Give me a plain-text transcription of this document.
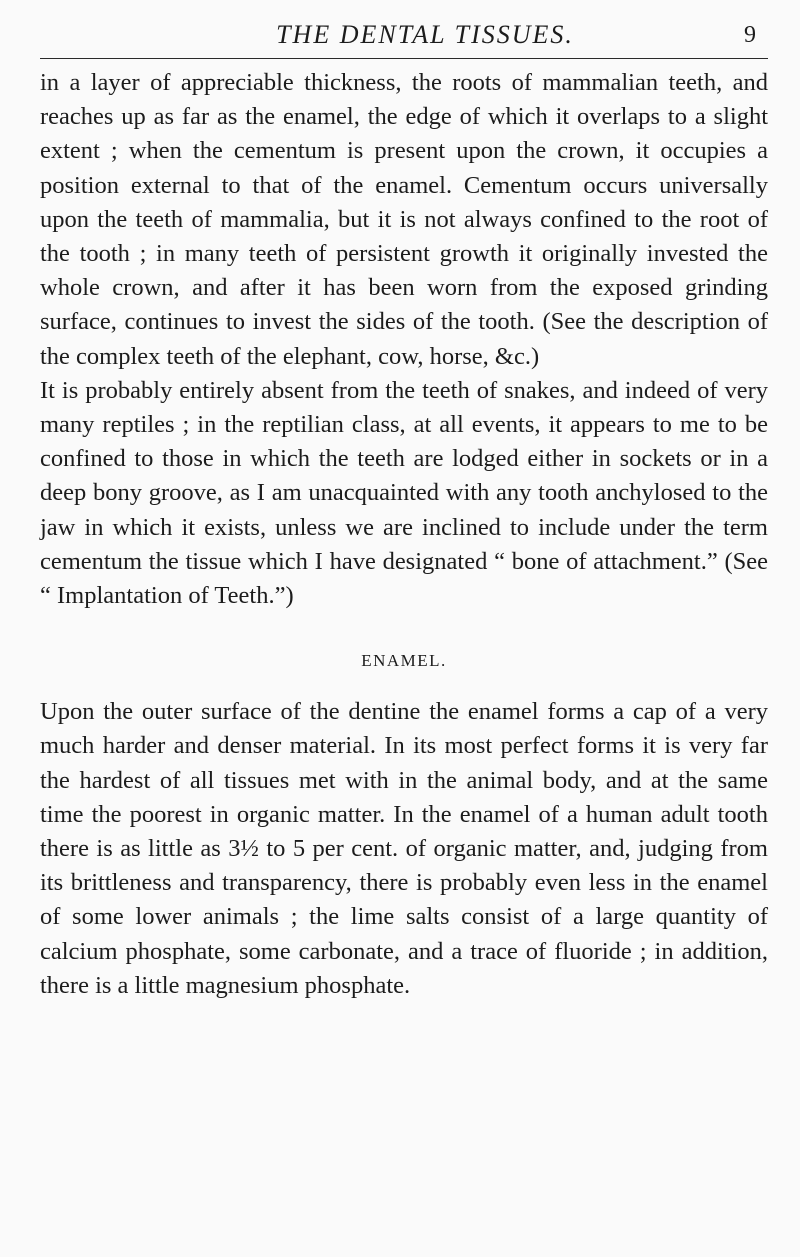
THE DENTAL TISSUES.	9

in a layer of appreciable thickness, the roots of mammalian teeth, and reaches up as far as the enamel, the edge of which it overlaps to a slight extent ; when the cementum is present upon the crown, it occupies a position external to that of the enamel. Cementum occurs universally upon the teeth of mammalia, but it is not always confined to the root of the tooth ; in many teeth of persistent growth it originally invested the whole crown, and after it has been worn from the exposed grinding surface, continues to invest the sides of the tooth. (See the description of the complex teeth of the elephant, cow, horse, &c.)

It is probably entirely absent from the teeth of snakes, and indeed of very many reptiles ; in the reptilian class, at all events, it appears to me to be confined to those in which the teeth are lodged either in sockets or in a deep bony groove, as I am unacquainted with any tooth anchylosed to the jaw in which it exists, unless we are inclined to include under the term cementum the tissue which I have designated “ bone of attachment.” (See “ Implantation of Teeth.”)

ENAMEL.

Upon the outer surface of the dentine the enamel forms a cap of a very much harder and denser material. In its most perfect forms it is very far the hardest of all tissues met with in the animal body, and at the same time the poorest in organic matter. In the enamel of a human adult tooth there is as little as 3½ to 5 per cent. of organic matter, and, judging from its brittleness and transparency, there is probably even less in the enamel of some lower animals ; the lime salts consist of a large quantity of calcium phosphate, some carbonate, and a trace of fluoride ; in addition, there is a little magnesium phosphate.
